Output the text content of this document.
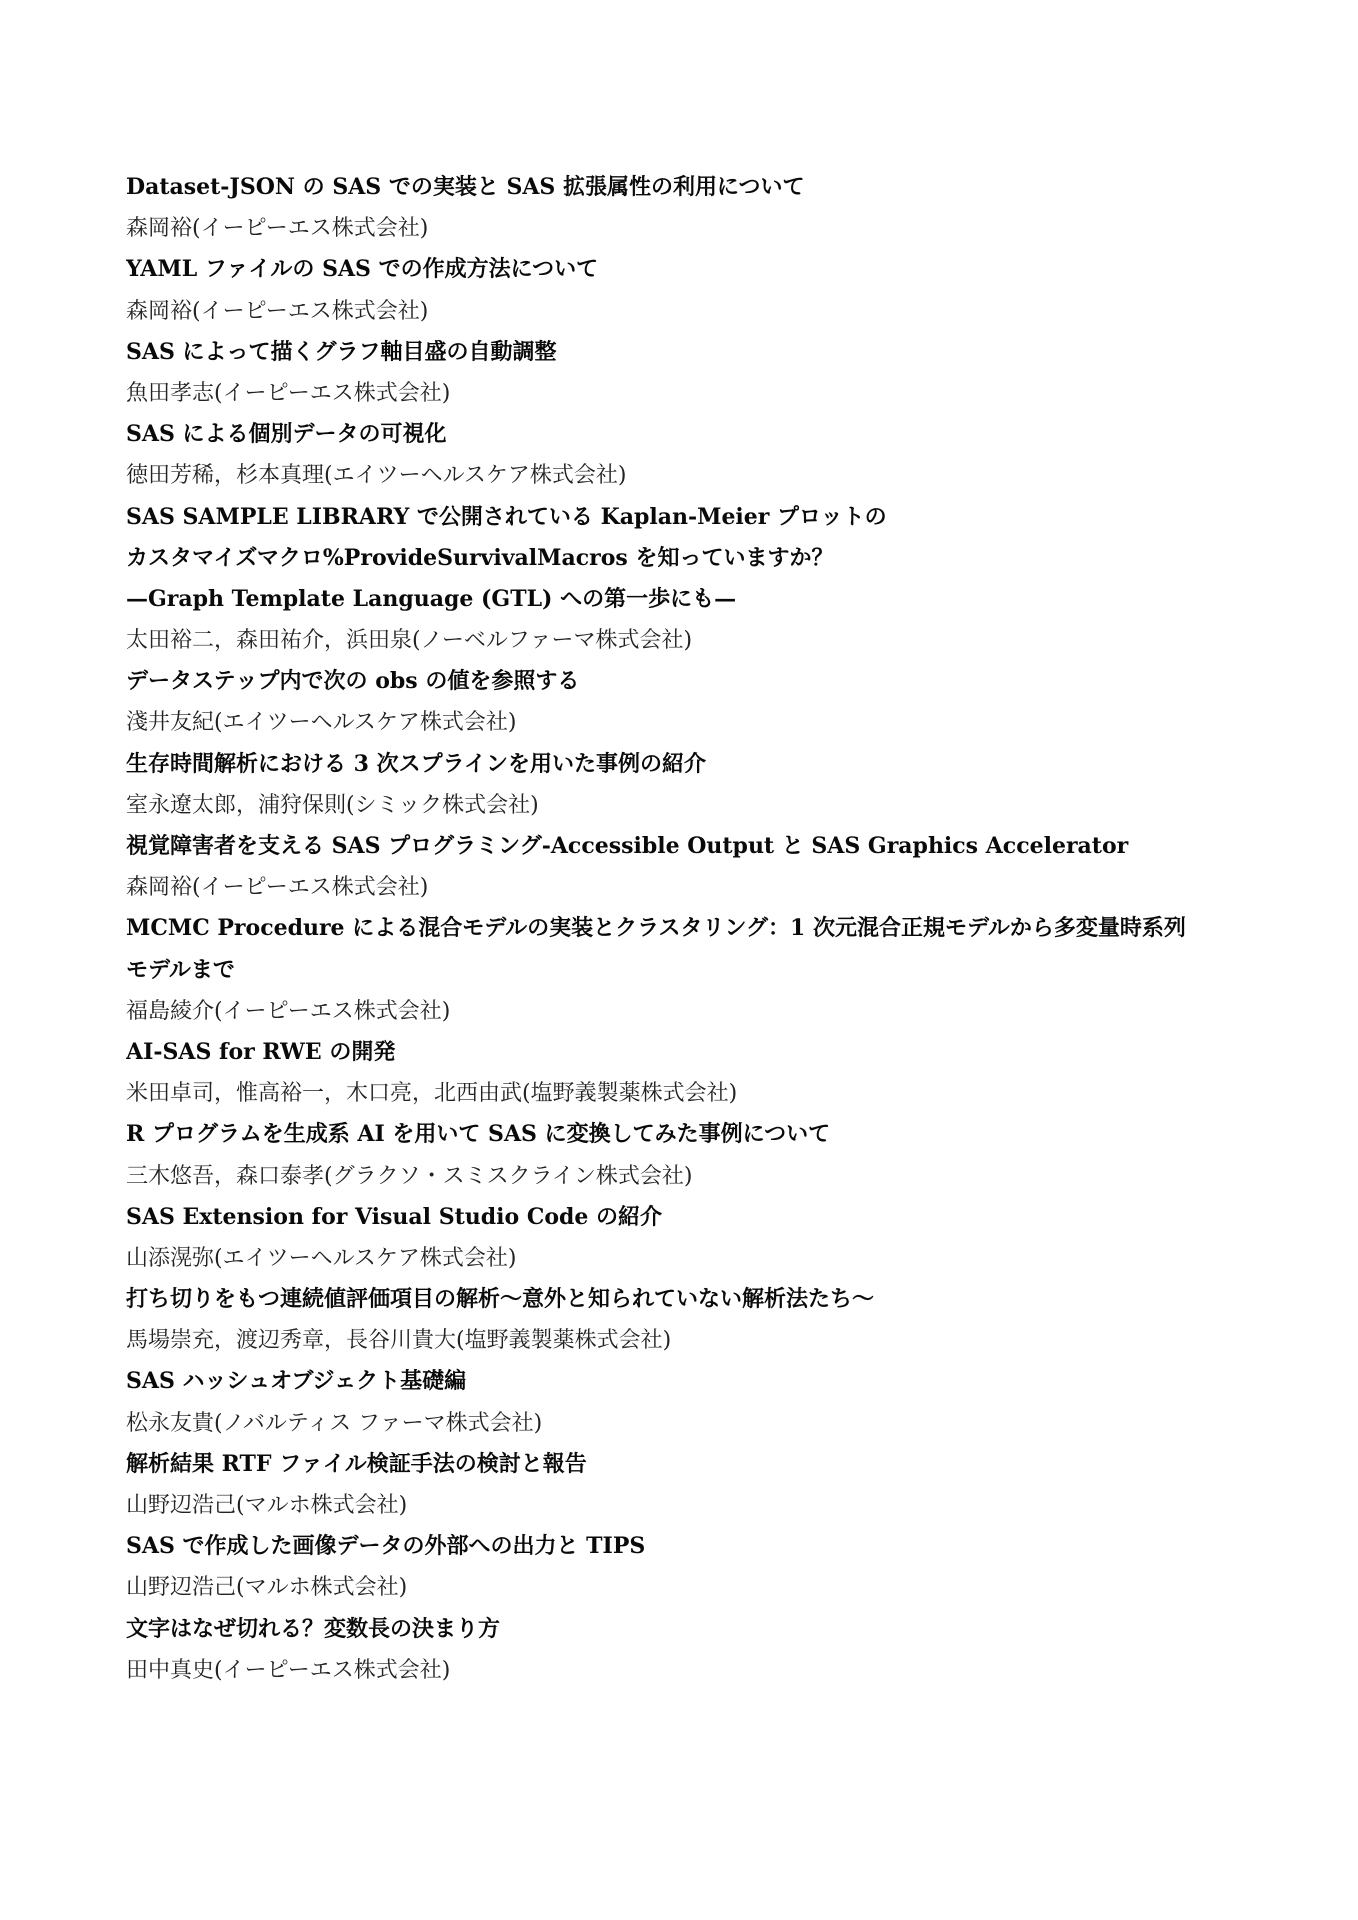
Dataset-JSON の SAS での実装と SAS 拡張属性の利用について
森岡裕(イーピーエス株式会社)
YAML ファイルの SAS での作成方法について
森岡裕(イーピーエス株式会社)
SAS によって描くグラフ軸目盛の自動調整
魚田孝志(イーピーエス株式会社)
SAS による個別データの可視化
徳田芳稀，杉本真理(エイツーヘルスケア株式会社)
SAS SAMPLE LIBRARY で公開されている Kaplan-Meier プロットの
カスタマイズマクロ%ProvideSurvivalMacros を知っていますか？
—Graph Template Language (GTL) への第一歩にも—
太田裕二，森田祐介，浜田泉(ノーベルファーマ株式会社)
データステップ内で次の obs の値を参照する
淺井友紀(エイツーヘルスケア株式会社)
生存時間解析における 3 次スプラインを用いた事例の紹介
室永遼太郎，浦狩保則(シミック株式会社)
視覚障害者を支える SAS プログラミング-Accessible Output と SAS Graphics Accelerator
森岡裕(イーピーエス株式会社)
MCMC Procedure による混合モデルの実装とクラスタリング：1 次元混合正規モデルから多変量時系列
モデルまで
福島綾介(イーピーエス株式会社)
AI-SAS for RWE の開発
米田卓司，惟高裕一，木口亮，北西由武(塩野義製薬株式会社)
R プログラムを生成系 AI を用いて SAS に変換してみた事例について
三木悠吾，森口泰孝(グラクソ・スミスクライン株式会社)
SAS Extension for Visual Studio Code の紹介
山添滉弥(エイツーヘルスケア株式会社)
打ち切りをもつ連続値評価項目の解析～意外と知られていない解析法たち～
馬場崇充，渡辺秀章，長谷川貴大(塩野義製薬株式会社)
SAS ハッシュオブジェクト基礎編
松永友貴(ノバルティス ファーマ株式会社)
解析結果 RTF ファイル検証手法の検討と報告
山野辺浩己(マルホ株式会社)
SAS で作成した画像データの外部への出力と TIPS
山野辺浩己(マルホ株式会社)
文字はなぜ切れる？変数長の決まり方
田中真史(イーピーエス株式会社)
